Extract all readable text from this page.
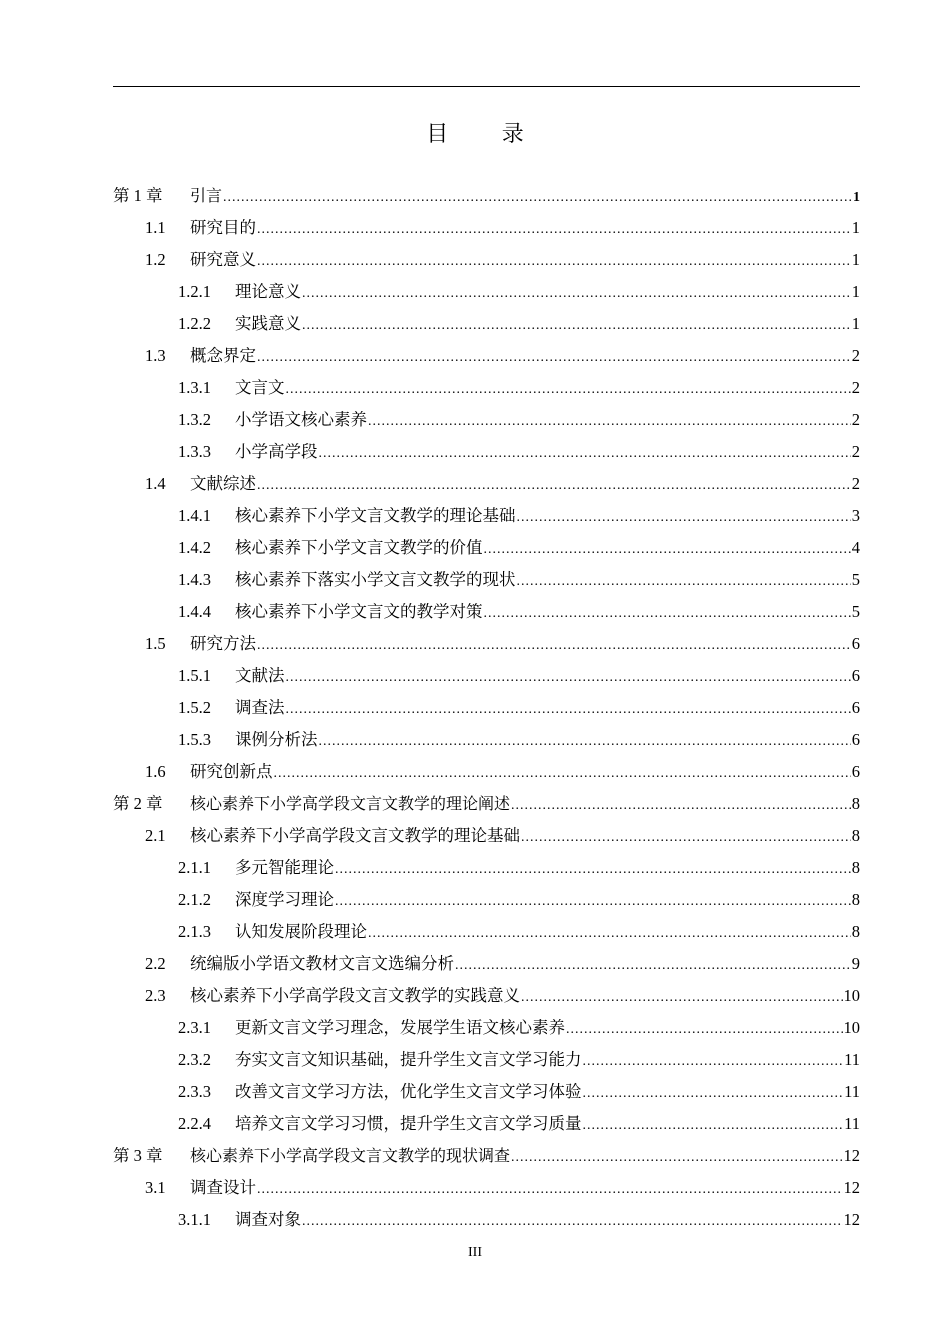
目 录
第 1 章	引言 .....	1
1.1	研究目的 .....	1
1.2	研究意义 .....	1
1.2.1	理论意义 .....	1
1.2.2	实践意义 .....	1
1.3	概念界定 .....	2
1.3.1	文言文 .....	2
1.3.2	小学语文核心素养 .....	2
1.3.3	小学高学段 .....	2
1.4	文献综述 .....	2
1.4.1	核心素养下小学文言文教学的理论基础 .....	3
1.4.2	核心素养下小学文言文教学的价值 .....	4
1.4.3	核心素养下落实小学文言文教学的现状 .....	5
1.4.4	核心素养下小学文言文的教学对策 .....	5
1.5	研究方法 .....	6
1.5.1	文献法 .....	6
1.5.2	调查法 .....	6
1.5.3	课例分析法 .....	6
1.6	研究创新点 .....	6
第 2 章	核心素养下小学高学段文言文教学的理论阐述 .....	8
2.1	核心素养下小学高学段文言文教学的理论基础 .....	8
2.1.1	多元智能理论 .....	8
2.1.2	深度学习理论 .....	8
2.1.3	认知发展阶段理论 .....	8
2.2	统编版小学语文教材文言文选编分析 .....	9
2.3	核心素养下小学高学段文言文教学的实践意义 .....	10
2.3.1	更新文言文学习理念，发展学生语文核心素养 .....	10
2.3.2	夯实文言文知识基础，提升学生文言文学习能力 .....	11
2.3.3	改善文言文学习方法，优化学生文言文学习体验 .....	11
2.2.4	培养文言文学习习惯，提升学生文言文学习质量 .....	11
第 3 章	核心素养下小学高学段文言文教学的现状调查 .....	12
3.1	调查设计 .....	12
3.1.1	调查对象 .....	12
III
